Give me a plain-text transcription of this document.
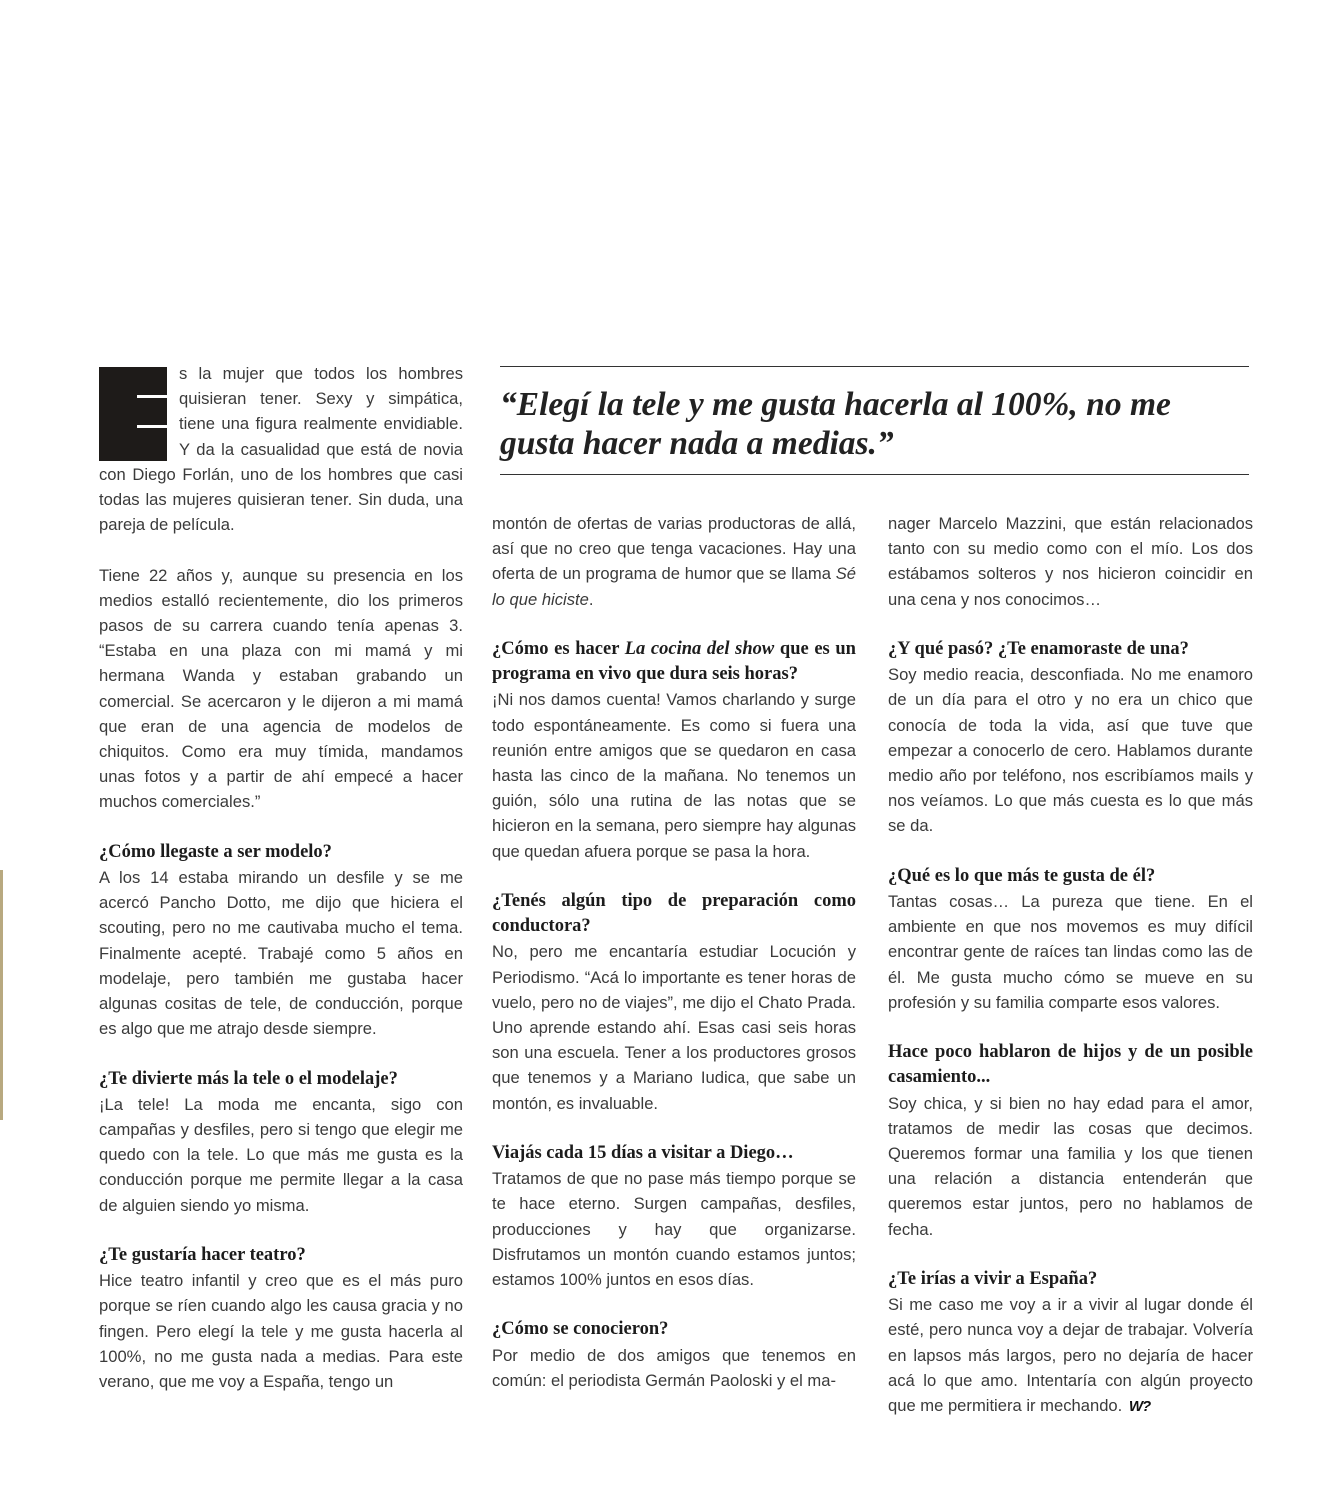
“Elegí la tele y me gusta hacerla al 100%, no me gusta hacer nada a medias.”

s la mujer que todos los hombres quisieran tener. Sexy y simpática, tiene una figura realmente envidiable. Y da la casualidad que está de novia con Diego Forlán, uno de los hombres que casi todas las mujeres quisieran tener. Sin duda, una pareja de película.

Tiene 22 años y, aunque su presencia en los medios estalló recientemente, dio los primeros pasos de su carrera cuando tenía apenas 3. “Estaba en una plaza con mi mamá y mi hermana Wanda y estaban grabando un comercial. Se acercaron y le dijeron a mi mamá que eran de una agencia de modelos de chiquitos. Como era muy tímida, mandamos unas fotos y a partir de ahí empecé a hacer muchos comerciales.”

¿Cómo llegaste a ser modelo?

A los 14 estaba mirando un desfile y se me acercó Pancho Dotto, me dijo que hiciera el scouting, pero no me cautivaba mucho el tema. Finalmente acepté. Trabajé como 5 años en modelaje, pero también me gustaba hacer algunas cositas de tele, de conducción, porque es algo que me atrajo desde siempre.

¿Te divierte más la tele o el modelaje?

¡La tele! La moda me encanta, sigo con campañas y desfiles, pero si tengo que elegir me quedo con la tele. Lo que más me gusta es la conducción porque me permite llegar a la casa de alguien siendo yo misma.

¿Te gustaría hacer teatro?

Hice teatro infantil y creo que es el más puro porque se ríen cuando algo les causa gracia y no fingen. Pero elegí la tele y me gusta hacerla al 100%, no me gusta nada a medias. Para este verano, que me voy a España, tengo un

montón de ofertas de varias productoras de allá, así que no creo que tenga vacaciones. Hay una oferta de un programa de humor que se llama Sé lo que hiciste.

¿Cómo es hacer La cocina del show que es un programa en vivo que dura seis horas?

¡Ni nos damos cuenta! Vamos charlando y surge todo espontáneamente. Es como si fuera una reunión entre amigos que se quedaron en casa hasta las cinco de la mañana. No tenemos un guión, sólo una rutina de las notas que se hicieron en la semana, pero siempre hay algunas que quedan afuera porque se pasa la hora.

¿Tenés algún tipo de preparación como conductora?

No, pero me encantaría estudiar Locución y Periodismo. “Acá lo importante es tener horas de vuelo, pero no de viajes”, me dijo el Chato Prada. Uno aprende estando ahí. Esas casi seis horas son una escuela. Tener a los productores grosos que tenemos y a Mariano Iudica, que sabe un montón, es invaluable.

Viajás cada 15 días a visitar a Diego…

Tratamos de que no pase más tiempo porque se te hace eterno. Surgen campañas, desfiles, producciones y hay que organizarse. Disfrutamos un montón cuando estamos juntos; estamos 100% juntos en esos días.

¿Cómo se conocieron?

Por medio de dos amigos que tenemos en común: el periodista Germán Paoloski y el ma-

nager Marcelo Mazzini, que están relacionados tanto con su medio como con el mío. Los dos estábamos solteros y nos hicieron coincidir en una cena y nos conocimos…

¿Y qué pasó? ¿Te enamoraste de una?

Soy medio reacia, desconfiada. No me enamoro de un día para el otro y no era un chico que conocía de toda la vida, así que tuve que empezar a conocerlo de cero. Hablamos durante medio año por teléfono, nos escribíamos mails y nos veíamos. Lo que más cuesta es lo que más se da.

¿Qué es lo que más te gusta de él?

Tantas cosas… La pureza que tiene. En el ambiente en que nos movemos es muy difícil encontrar gente de raíces tan lindas como las de él. Me gusta mucho cómo se mueve en su profesión y su familia comparte esos valores.

Hace poco hablaron de hijos y de un posible casamiento...

Soy chica, y si bien no hay edad para el amor, tratamos de medir las cosas que decimos. Queremos formar una familia y los que tienen una relación a distancia entenderán que queremos estar juntos, pero no hablamos de fecha.

¿Te irías a vivir a España?

Si me caso me voy a ir a vivir al lugar donde él esté, pero nunca voy a dejar de trabajar. Volvería en lapsos más largos, pero no dejaría de hacer acá lo que amo. Intentaría con algún proyecto que me permitiera ir mechando. W?
